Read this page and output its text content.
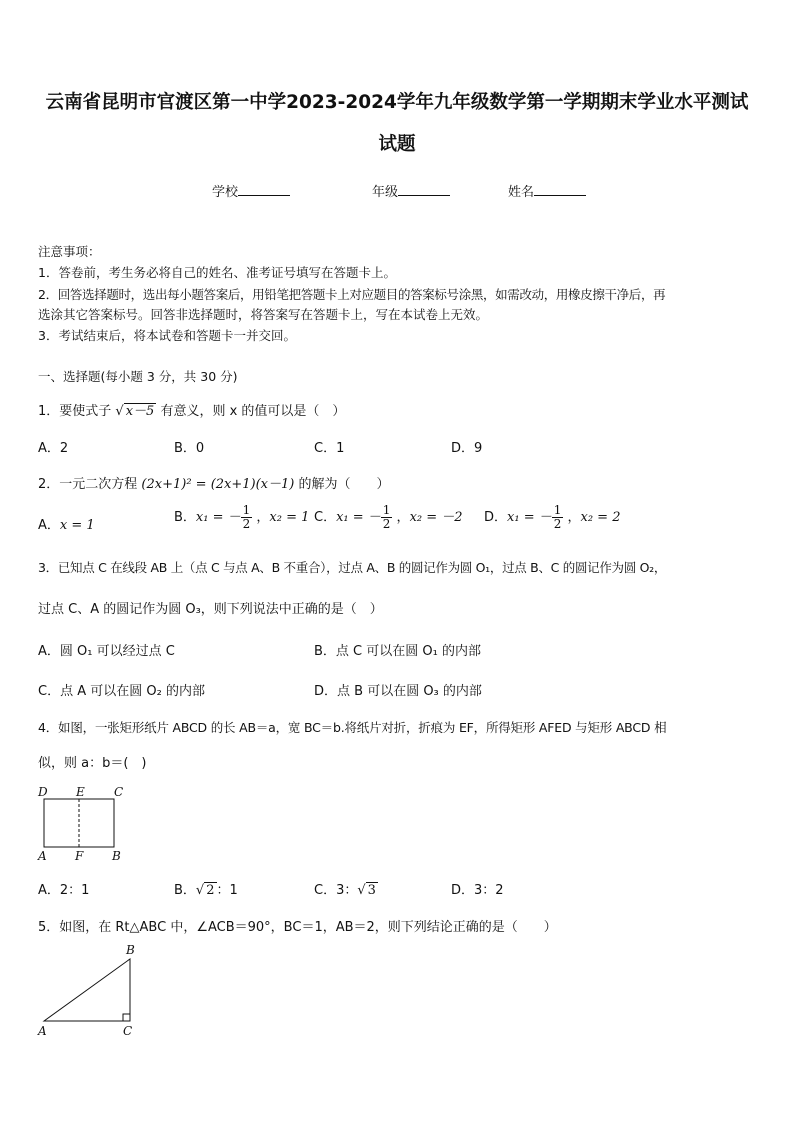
云南省昆明市官渡区第一中学2023-2024学年九年级数学第一学期期末学业水平测试
试题
学校	年级	姓名
注意事项：
1．答卷前，考生务必将自己的姓名、准考证号填写在答题卡上。
2．回答选择题时，选出每小题答案后，用铅笔把答题卡上对应题目的答案标号涂黑，如需改动，用橡皮擦干净后，再
选涂其它答案标号。回答非选择题时，将答案写在答题卡上，写在本试卷上无效。
3．考试结束后，将本试卷和答题卡一并交回。
一、选择题(每小题 3 分，共 30 分)
1．要使式子 √ x－5 有意义，则 x 的值可以是（　）
A．2	B．0	C．1	D．9
2．一元二次方程 (2x+1)² = (2x+1)(x－1) 的解为（　　）
A．x = 1
B．x₁ = － $\frac{1}{2}$ ，x₂ = 1 C．x₁ = － $\frac{1}{2}$ ，x₂ = －2 D．x₁ = － $\frac{1}{2}$ ，x₂ = 2
3．已知点 C 在线段 AB 上（点 C 与点 A、B 不重合），过点 A、B 的圆记作为圆 O₁，过点 B、C 的圆记作为圆 O₂，
过点 C、A 的圆记作为圆 O₃，则下列说法中正确的是（　）
A．圆 O₁ 可以经过点 C	B．点 C 可以在圆 O₁ 的内部
C．点 A 可以在圆 O₂ 的内部	D．点 B 可以在圆 O₃ 的内部
4．如图，一张矩形纸片 ABCD 的长 AB＝a，宽 BC＝b.将纸片对折，折痕为 EF，所得矩形 AFED 与矩形 ABCD 相
似，则 a：b＝(　)
D E C
A F B
A．2：1	B．√ 2 ：1	C．3：√ 3	D．3：2
5．如图，在 Rt△ABC 中，∠ACB＝90°，BC＝1，AB＝2，则下列结论正确的是（　　）
B
A	C
